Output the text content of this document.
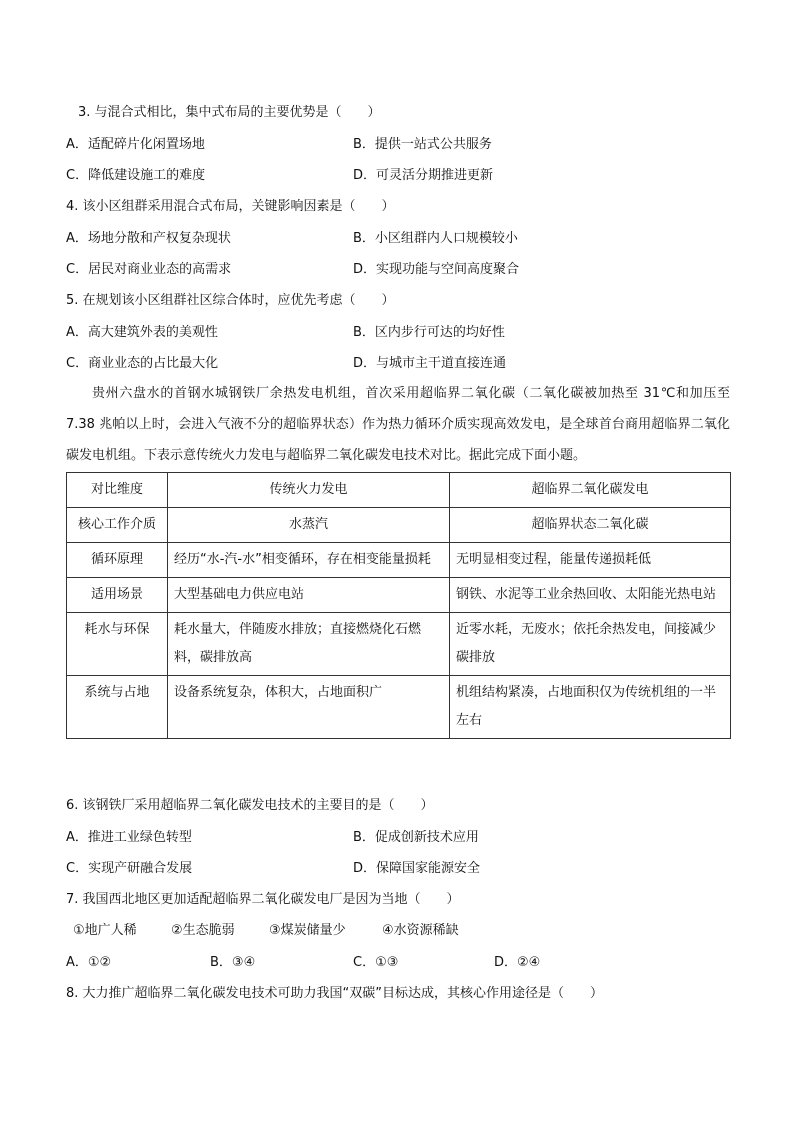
3. 与混合式相比，集中式布局的主要优势是（　　）
A．适配碎片化闲置场地	B．提供一站式公共服务
C．降低建设施工的难度	D．可灵活分期推进更新
4. 该小区组群采用混合式布局，关键影响因素是（　　）
A．场地分散和产权复杂现状	B．小区组群内人口规模较小
C．居民对商业业态的高需求	D．实现功能与空间高度聚合
5. 在规划该小区组群社区综合体时，应优先考虑（　　）
A．高大建筑外表的美观性	B．区内步行可达的均好性
C．商业业态的占比最大化	D．与城市主干道直接连通
贵州六盘水的首钢水城钢铁厂余热发电机组，首次采用超临界二氧化碳（二氧化碳被加热至 31℃和加压至 7.38 兆帕以上时，会进入气液不分的超临界状态）作为热力循环介质实现高效发电，是全球首台商用超临界二氧化碳发电机组。下表示意传统火力发电与超临界二氧化碳发电技术对比。据此完成下面小题。
对比维度	传统火力发电	超临界二氧化碳发电
核心工作介质	水蒸汽	超临界状态二氧化碳
循环原理	经历“水-汽-水”相变循环，存在相变能量损耗	无明显相变过程，能量传递损耗低
适用场景	大型基础电力供应电站	钢铁、水泥等工业余热回收、太阳能光热电站
耗水与环保	耗水量大，伴随废水排放；直接燃烧化石燃料，碳排放高	近零水耗，无废水；依托余热发电，间接减少碳排放
系统与占地	设备系统复杂，体积大，占地面积广	机组结构紧凑，占地面积仅为传统机组的一半左右
6. 该钢铁厂采用超临界二氧化碳发电技术的主要目的是（　　）
A．推进工业绿色转型	B．促成创新技术应用
C．实现产研融合发展	D．保障国家能源安全
7. 我国西北地区更加适配超临界二氧化碳发电厂是因为当地（　　）
①地广人稀	②生态脆弱	③煤炭储量少	④水资源稀缺
A．①②	B．③④	C．①③	D．②④
8. 大力推广超临界二氧化碳发电技术可助力我国“双碳”目标达成，其核心作用途径是（　　）
